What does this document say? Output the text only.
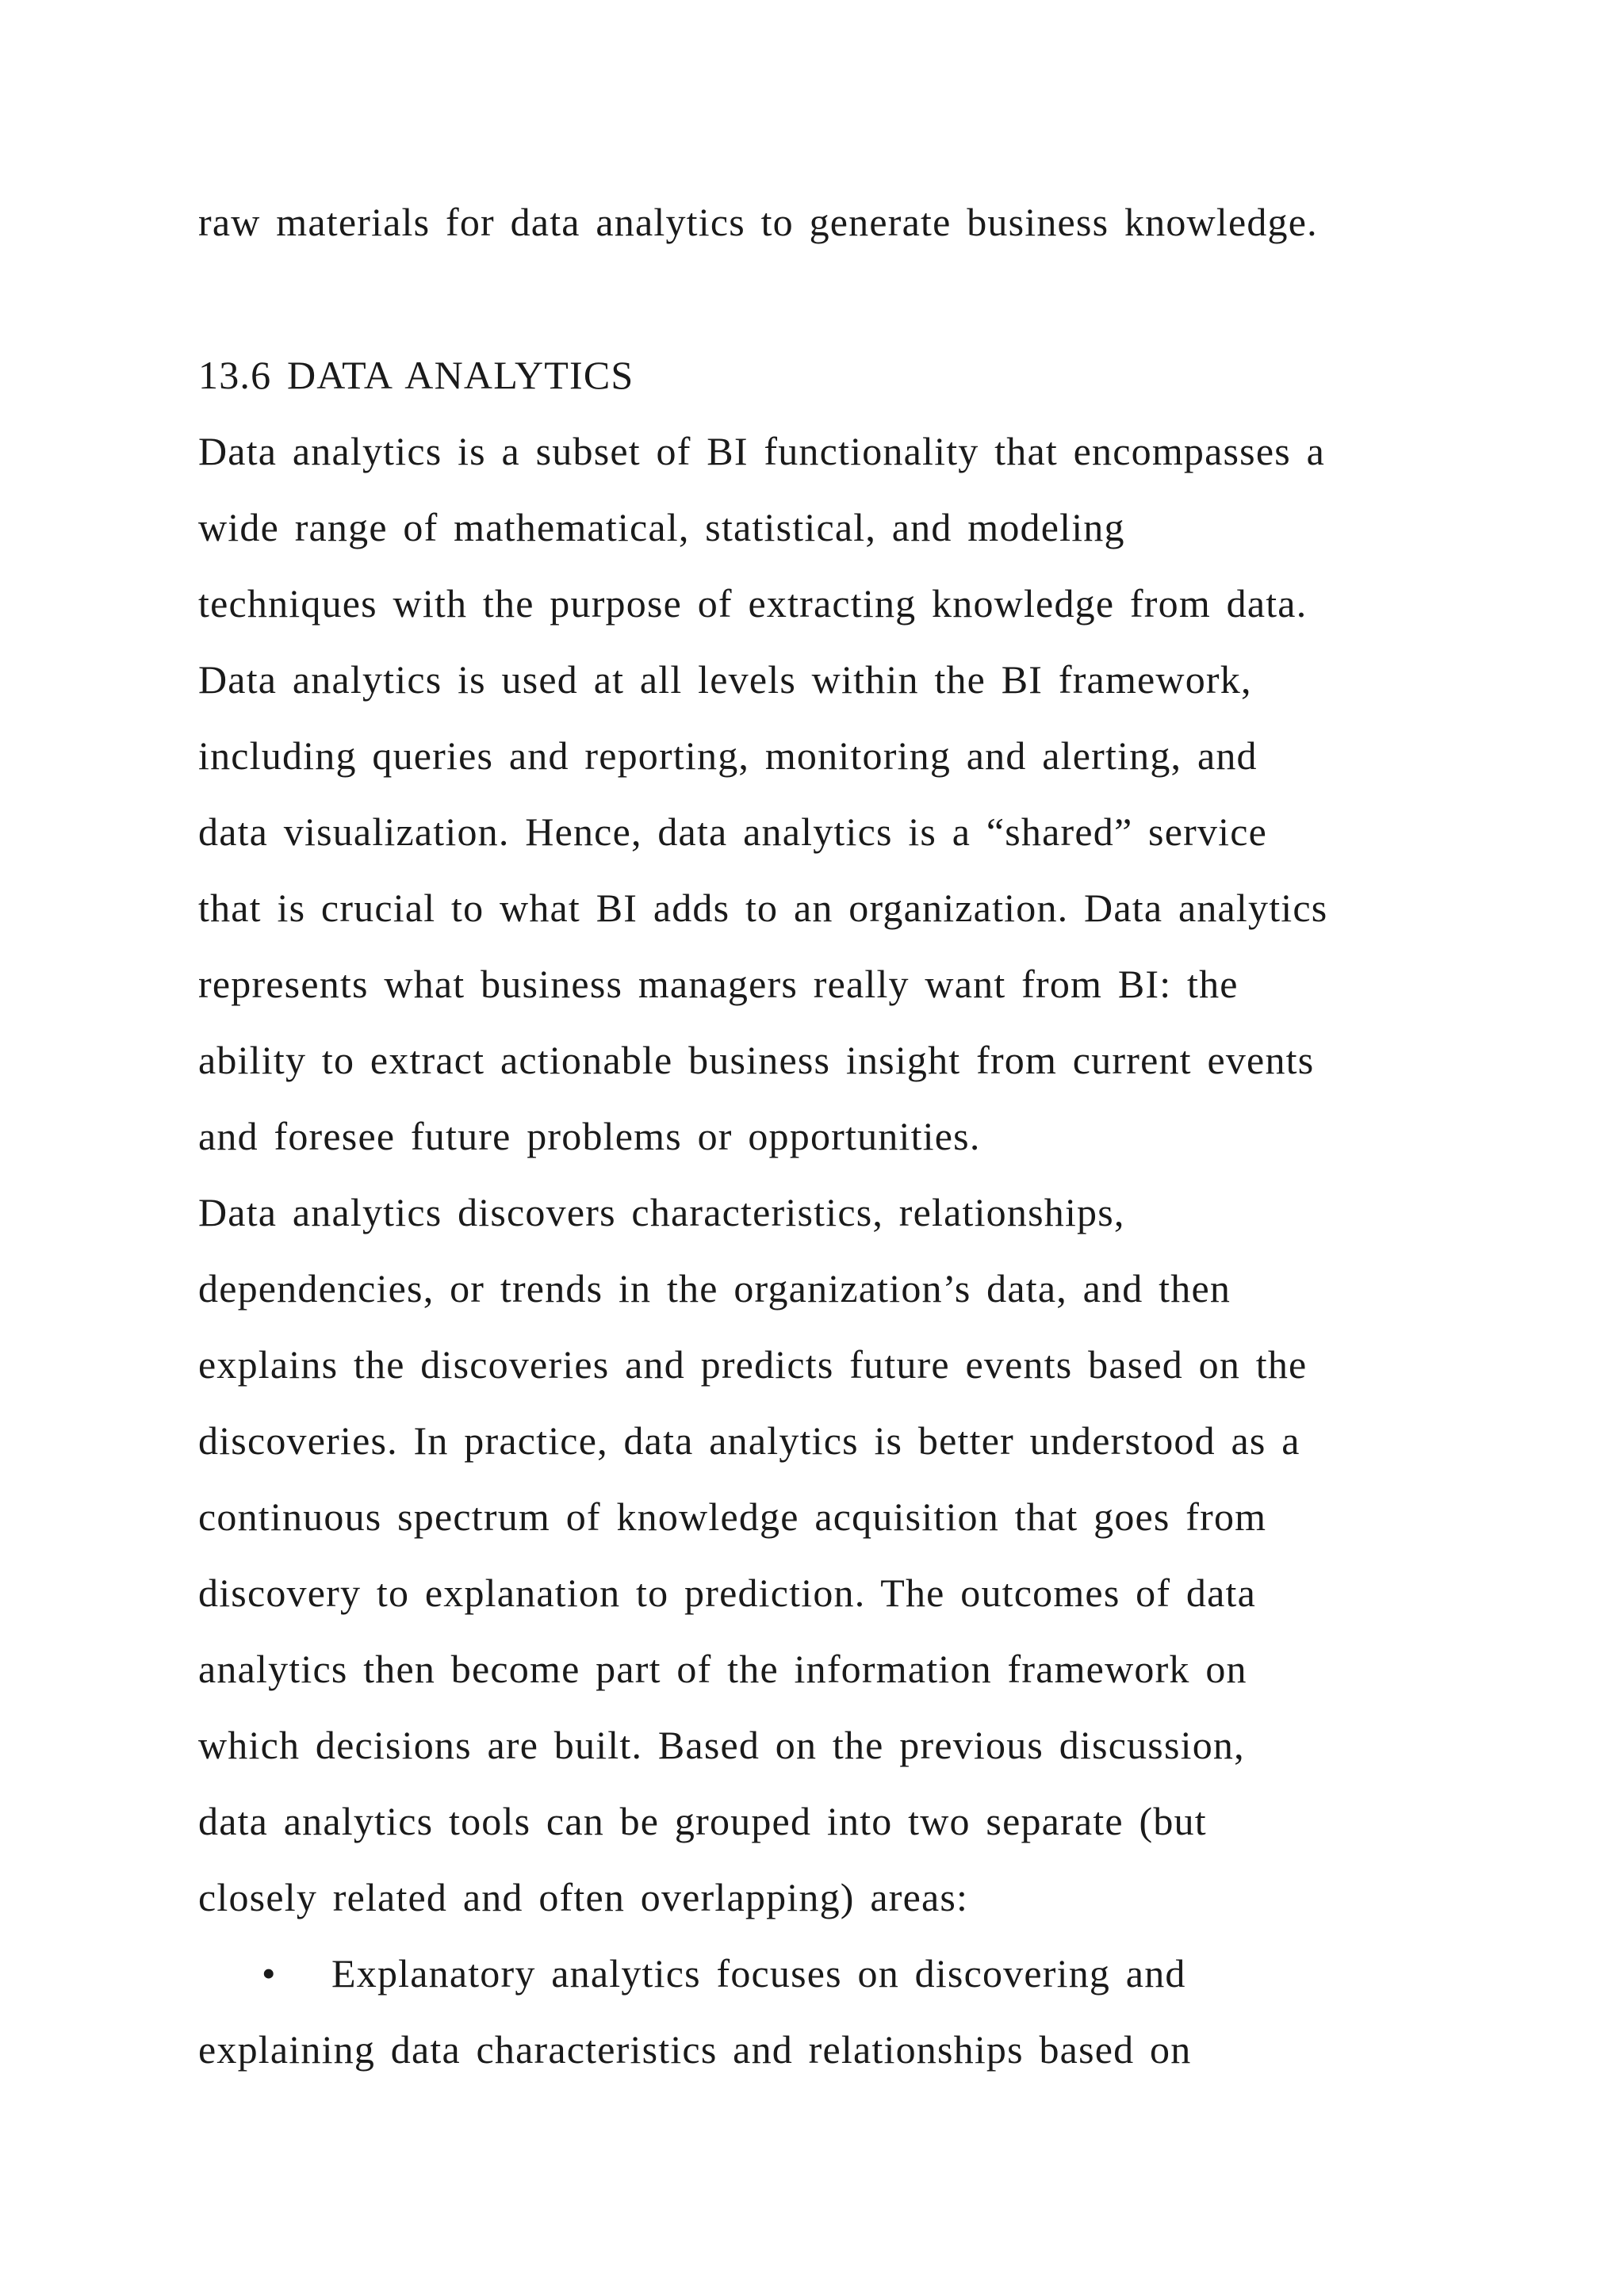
raw materials for data analytics to generate business knowledge.
13.6 DATA ANALYTICS
Data analytics is a subset of BI functionality that encompasses a
wide range of mathematical, statistical, and modeling
techniques with the purpose of extracting knowledge from data.
Data analytics is used at all levels within the BI framework,
including queries and reporting, monitoring and alerting, and
data visualization. Hence, data analytics is a “shared” service
that is crucial to what BI adds to an organization. Data analytics
represents what business managers really want from BI: the
ability to extract actionable business insight from current events
and foresee future problems or opportunities.
Data analytics discovers characteristics, relationships,
dependencies, or trends in the organization’s data, and then
explains the discoveries and predicts future events based on the
discoveries. In practice, data analytics is better understood as a
continuous spectrum of knowledge acquisition that goes from
discovery to explanation to prediction. The outcomes of data
analytics then become part of the information framework on
which decisions are built. Based on the previous discussion,
data analytics tools can be grouped into two separate (but
closely related and often overlapping) areas:
• Explanatory analytics focuses on discovering and
explaining data characteristics and relationships based on
